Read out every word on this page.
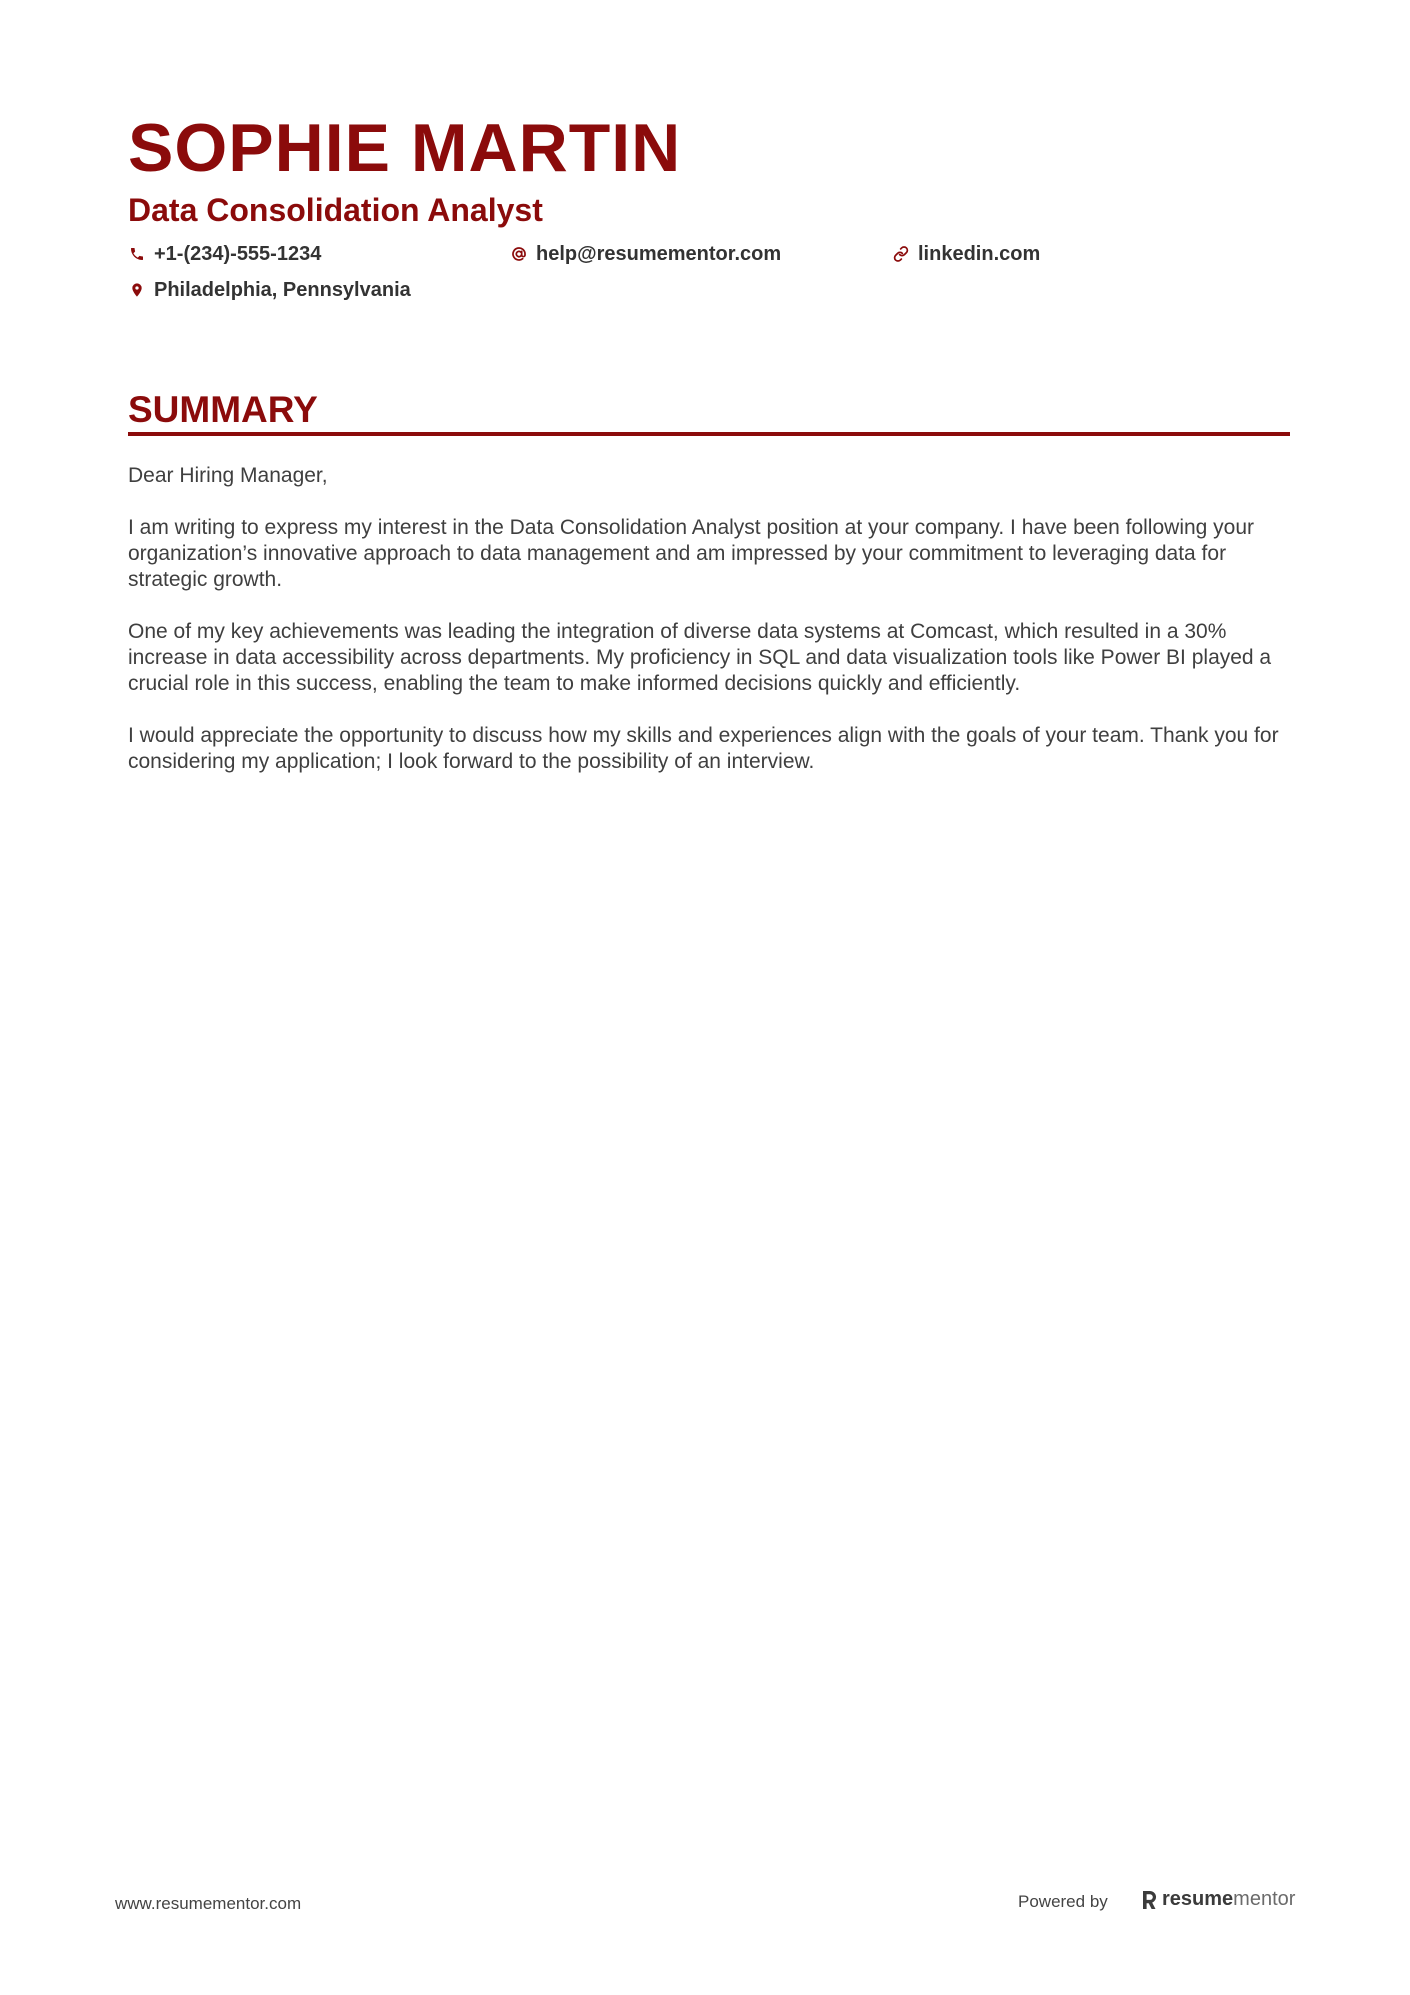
SOPHIE MARTIN
Data Consolidation Analyst
+1-(234)-555-1234	help@resumementor.com	linkedin.com
Philadelphia, Pennsylvania
SUMMARY

Dear Hiring Manager,

I am writing to express my interest in the Data Consolidation Analyst position at your company. I have been following your organization’s innovative approach to data management and am impressed by your commitment to leveraging data for strategic growth.

One of my key achievements was leading the integration of diverse data systems at Comcast, which resulted in a 30% increase in data accessibility across departments. My proficiency in SQL and data visualization tools like Power BI played a crucial role in this success, enabling the team to make informed decisions quickly and efficiently.

I would appreciate the opportunity to discuss how my skills and experiences align with the goals of your team. Thank you for considering my application; I look forward to the possibility of an interview.

www.resumementor.com	Powered by	resume mentor
